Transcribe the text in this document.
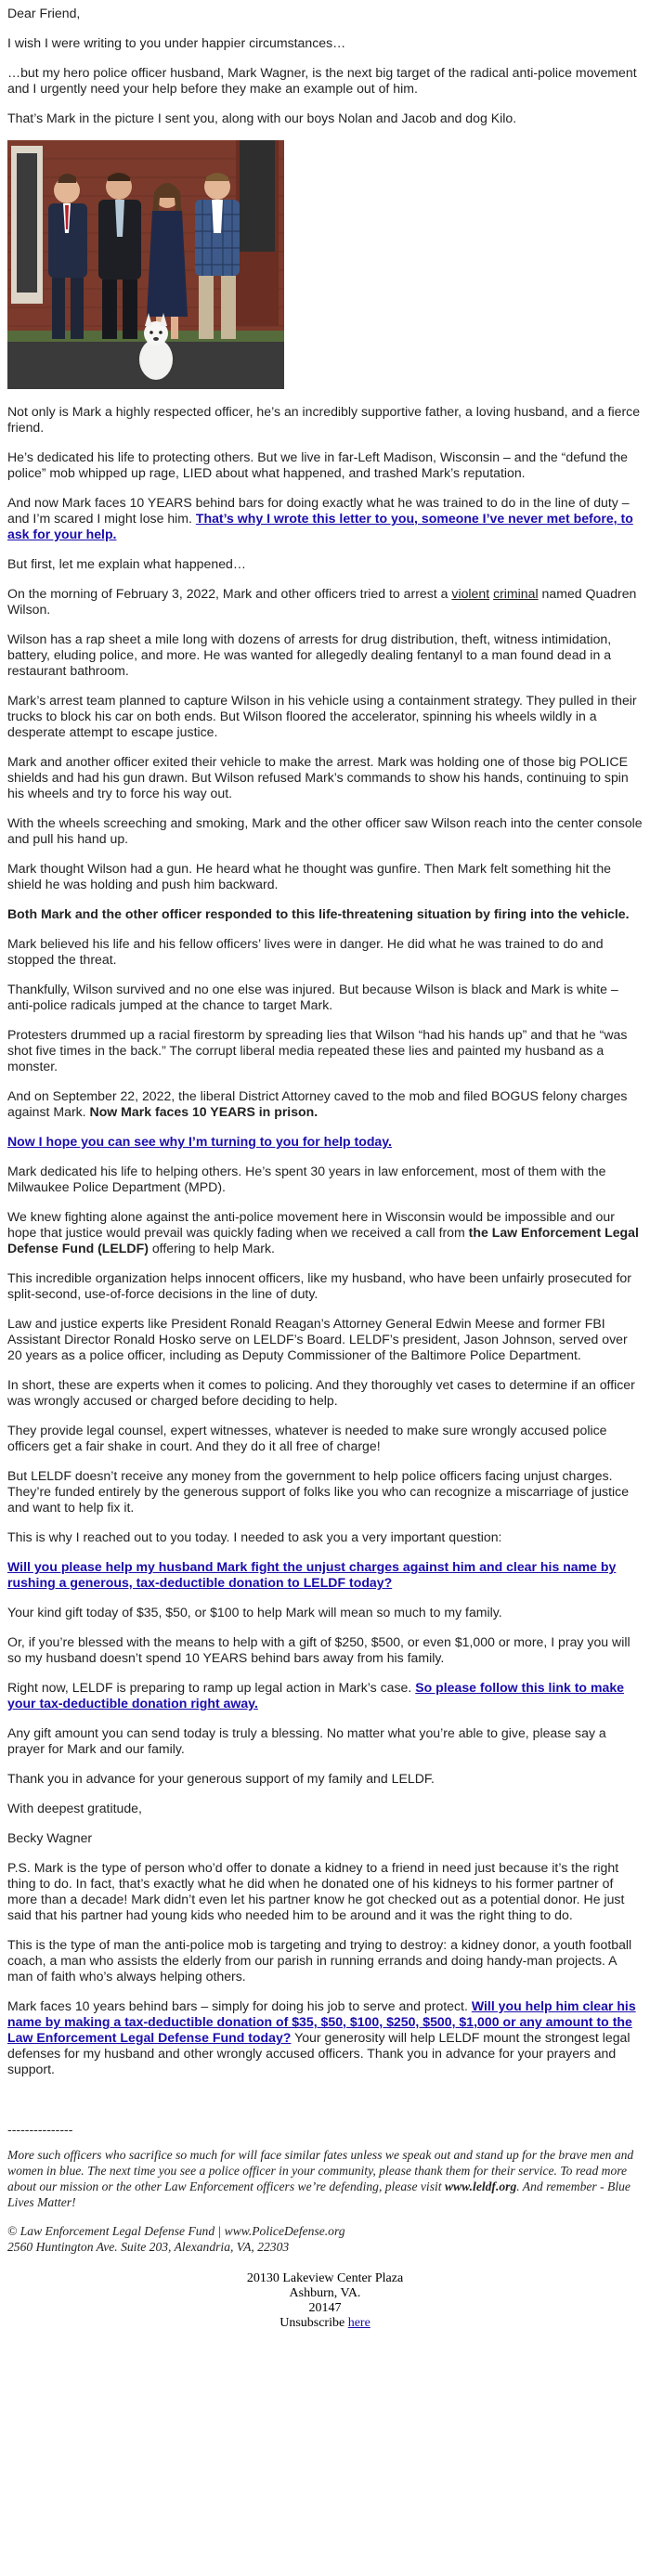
Dear Friend,

I wish I were writing to you under happier circumstances…

…but my hero police officer husband, Mark Wagner, is the next big target of the radical anti-police movement and I urgently need your help before they make an example out of him.

That’s Mark in the picture I sent you, along with our boys Nolan and Jacob and dog Kilo.

Not only is Mark a highly respected officer, he’s an incredibly supportive father, a loving husband, and a fierce friend.

He’s dedicated his life to protecting others. But we live in far-Left Madison, Wisconsin – and the “defund the police” mob whipped up rage, LIED about what happened, and trashed Mark’s reputation.

And now Mark faces 10 YEARS behind bars for doing exactly what he was trained to do in the line of duty – and I’m scared I might lose him. That’s why I wrote this letter to you, someone I’ve never met before, to ask for your help.

But first, let me explain what happened…

On the morning of February 3, 2022, Mark and other officers tried to arrest a violent criminal named Quadren Wilson.

Wilson has a rap sheet a mile long with dozens of arrests for drug distribution, theft, witness intimidation, battery, eluding police, and more. He was wanted for allegedly dealing fentanyl to a man found dead in a restaurant bathroom.

Mark’s arrest team planned to capture Wilson in his vehicle using a containment strategy. They pulled in their trucks to block his car on both ends. But Wilson floored the accelerator, spinning his wheels wildly in a desperate attempt to escape justice.

Mark and another officer exited their vehicle to make the arrest. Mark was holding one of those big POLICE shields and had his gun drawn. But Wilson refused Mark’s commands to show his hands, continuing to spin his wheels and try to force his way out.

With the wheels screeching and smoking, Mark and the other officer saw Wilson reach into the center console and pull his hand up.

Mark thought Wilson had a gun. He heard what he thought was gunfire. Then Mark felt something hit the shield he was holding and push him backward.

Both Mark and the other officer responded to this life-threatening situation by firing into the vehicle.

Mark believed his life and his fellow officers’ lives were in danger. He did what he was trained to do and stopped the threat.

Thankfully, Wilson survived and no one else was injured. But because Wilson is black and Mark is white – anti-police radicals jumped at the chance to target Mark.

Protesters drummed up a racial firestorm by spreading lies that Wilson “had his hands up” and that he “was shot five times in the back.” The corrupt liberal media repeated these lies and painted my husband as a monster.

And on September 22, 2022, the liberal District Attorney caved to the mob and filed BOGUS felony charges against Mark. Now Mark faces 10 YEARS in prison.

Now I hope you can see why I’m turning to you for help today.

Mark dedicated his life to helping others. He’s spent 30 years in law enforcement, most of them with the Milwaukee Police Department (MPD).

We knew fighting alone against the anti-police movement here in Wisconsin would be impossible and our hope that justice would prevail was quickly fading when we received a call from the Law Enforcement Legal Defense Fund (LELDF) offering to help Mark.

This incredible organization helps innocent officers, like my husband, who have been unfairly prosecuted for split-second, use-of-force decisions in the line of duty.

Law and justice experts like President Ronald Reagan’s Attorney General Edwin Meese and former FBI Assistant Director Ronald Hosko serve on LELDF’s Board. LELDF’s president, Jason Johnson, served over 20 years as a police officer, including as Deputy Commissioner of the Baltimore Police Department.

In short, these are experts when it comes to policing. And they thoroughly vet cases to determine if an officer was wrongly accused or charged before deciding to help.

They provide legal counsel, expert witnesses, whatever is needed to make sure wrongly accused police officers get a fair shake in court. And they do it all free of charge!

But LELDF doesn’t receive any money from the government to help police officers facing unjust charges. They’re funded entirely by the generous support of folks like you who can recognize a miscarriage of justice and want to help fix it.

This is why I reached out to you today. I needed to ask you a very important question:

Will you please help my husband Mark fight the unjust charges against him and clear his name by rushing a generous, tax-deductible donation to LELDF today?

Your kind gift today of $35, $50, or $100 to help Mark will mean so much to my family.

Or, if you’re blessed with the means to help with a gift of $250, $500, or even $1,000 or more, I pray you will so my husband doesn’t spend 10 YEARS behind bars away from his family.

Right now, LELDF is preparing to ramp up legal action in Mark’s case. So please follow this link to make your tax-deductible donation right away.

Any gift amount you can send today is truly a blessing. No matter what you’re able to give, please say a prayer for Mark and our family.

Thank you in advance for your generous support of my family and LELDF.

With deepest gratitude,

Becky Wagner

P.S. Mark is the type of person who’d offer to donate a kidney to a friend in need just because it’s the right thing to do. In fact, that’s exactly what he did when he donated one of his kidneys to his former partner of more than a decade! Mark didn’t even let his partner know he got checked out as a potential donor. He just said that his partner had young kids who needed him to be around and it was the right thing to do.

This is the type of man the anti-police mob is targeting and trying to destroy: a kidney donor, a youth football coach, a man who assists the elderly from our parish in running errands and doing handy-man projects. A man of faith who’s always helping others.

Mark faces 10 years behind bars – simply for doing his job to serve and protect. Will you help him clear his name by making a tax-deductible donation of $35, $50, $100, $250, $500, $1,000 or any amount to the Law Enforcement Legal Defense Fund today? Your generosity will help LELDF mount the strongest legal defenses for my husband and other wrongly accused officers. Thank you in advance for your prayers and support.

---------------
More such officers who sacrifice so much for will face similar fates unless we speak out and stand up for the brave men and women in blue. The next time you see a police officer in your community, please thank them for their service. To read more about our mission or the other Law Enforcement officers we’re defending, please visit www.leldf.org. And remember - Blue Lives Matter!
© Law Enforcement Legal Defense Fund | www.PoliceDefense.org
2560 Huntington Ave. Suite 203, Alexandria, VA, 22303
20130 Lakeview Center Plaza
Ashburn, VA.
20147
Unsubscribe here
